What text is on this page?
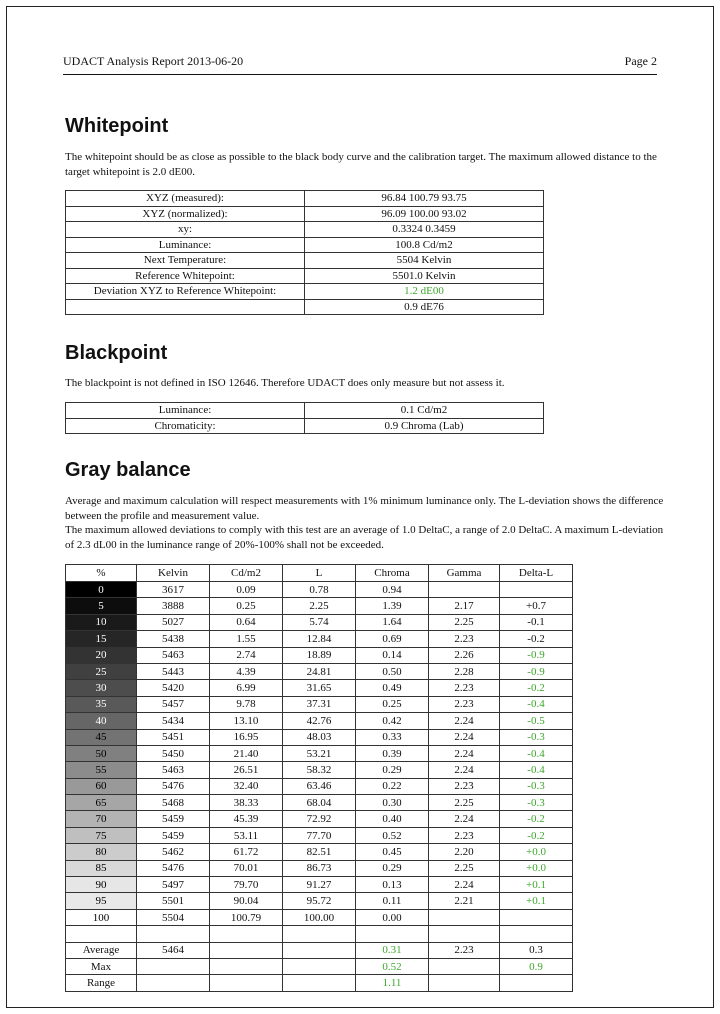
UDACT Analysis Report 2013-06-20	Page 2
Whitepoint

The whitepoint should be as close as possible to the black body curve and the calibration target. The maximum allowed distance to the target whitepoint is 2.0 dE00.

XYZ (measured):	96.84 100.79 93.75
XYZ (normalized):	96.09 100.00 93.02
xy:	0.3324 0.3459
Luminance:	100.8 Cd/m2
Next Temperature:	5504 Kelvin
Reference Whitepoint:	5501.0 Kelvin
Deviation XYZ to Reference Whitepoint:	1.2 dE00
	0.9 dE76
Blackpoint

The blackpoint is not defined in ISO 12646. Therefore UDACT does only measure but not assess it.

Luminance:	0.1 Cd/m2
Chromaticity:	0.9 Chroma (Lab)
Gray balance

Average and maximum calculation will respect measurements with 1% minimum luminance only. The L-deviation shows the difference between the profile and measurement value.

The maximum allowed deviations to comply with this test are an average of 1.0 DeltaC, a range of 2.0 DeltaC. A maximum L-deviation of 2.3 dL00 in the luminance range of 20%-100% shall not be exceeded.

%	Kelvin	Cd/m2	L	Chroma	Gamma	Delta-L
0	3617	0.09	0.78	0.94		
5	3888	0.25	2.25	1.39	2.17	+0.7
10	5027	0.64	5.74	1.64	2.25	-0.1
15	5438	1.55	12.84	0.69	2.23	-0.2
20	5463	2.74	18.89	0.14	2.26	-0.9
25	5443	4.39	24.81	0.50	2.28	-0.9
30	5420	6.99	31.65	0.49	2.23	-0.2
35	5457	9.78	37.31	0.25	2.23	-0.4
40	5434	13.10	42.76	0.42	2.24	-0.5
45	5451	16.95	48.03	0.33	2.24	-0.3
50	5450	21.40	53.21	0.39	2.24	-0.4
55	5463	26.51	58.32	0.29	2.24	-0.4
60	5476	32.40	63.46	0.22	2.23	-0.3
65	5468	38.33	68.04	0.30	2.25	-0.3
70	5459	45.39	72.92	0.40	2.24	-0.2
75	5459	53.11	77.70	0.52	2.23	-0.2
80	5462	61.72	82.51	0.45	2.20	+0.0
85	5476	70.01	86.73	0.29	2.25	+0.0
90	5497	79.70	91.27	0.13	2.24	+0.1
95	5501	90.04	95.72	0.11	2.21	+0.1
100	5504	100.79	100.00	0.00		

Average	5464			0.31	2.23	0.3
Max				0.52		0.9
Range				1.11		
